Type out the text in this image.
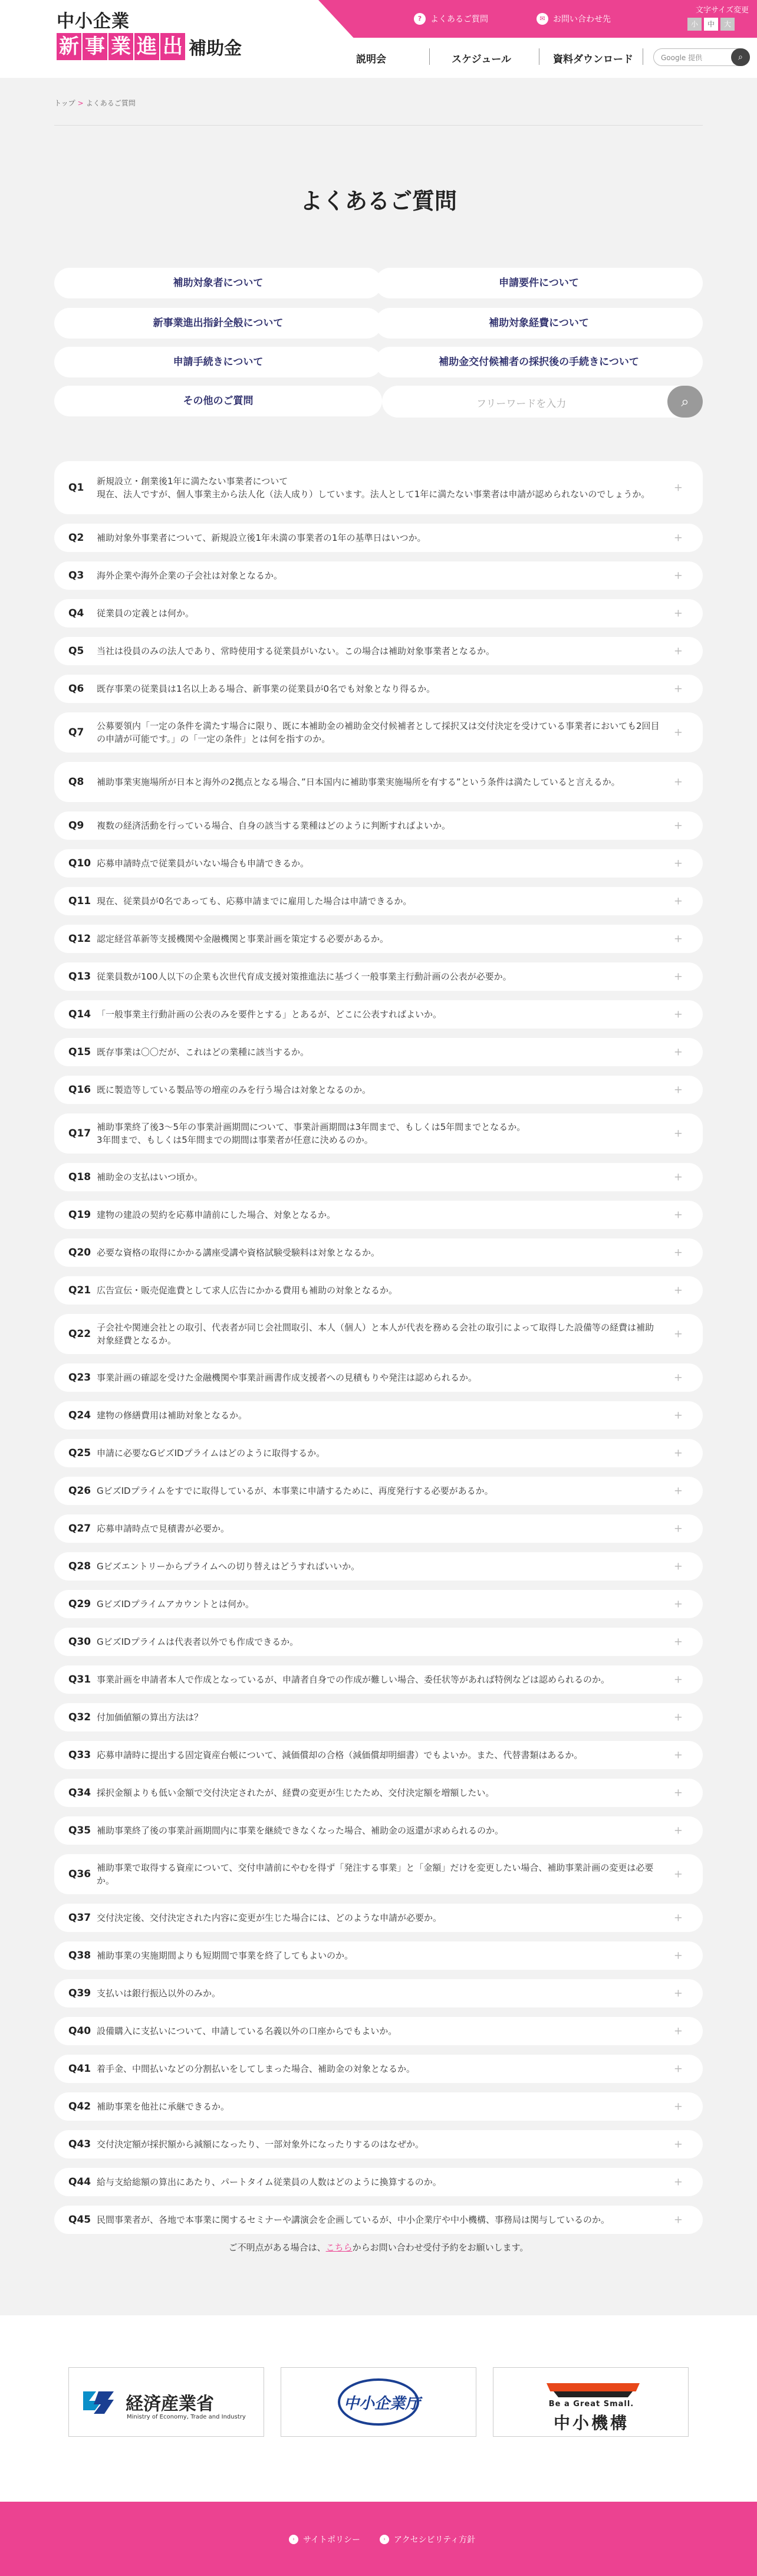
中小企業
新 事 業 進 出 補助金
?	よくあるご質問	✉ お問い合わせ先
文字サイズ変更
小	中	大
説明会	スケジュール	資料ダウンロード	Google 提供	⌕
トップ > よくあるご質問
よくあるご質問
補助対象者について	申請要件について
新事業進出指針全般について	補助対象経費について
申請手続きについて	補助金交付候補者の採択後の手続きについて
その他のご質問	フリーワードを入力	⌕
Q1
新規設立・創業後1年に満たない事業者について
現在、法人ですが、個人事業主から法人化（法人成り）しています。法人として1年に満たない事業者は申請が認められないのでしょうか。
+
Q2 補助対象外事業者について、新規設立後1年未満の事業者の1年の基準日はいつか。	+
Q3 海外企業や海外企業の子会社は対象となるか。	+
Q4 従業員の定義とは何か。	+
Q5 当社は役員のみの法人であり、常時使用する従業員がいない。この場合は補助対象事業者となるか。	+
Q6 既存事業の従業員は1名以上ある場合、新事業の従業員が0名でも対象となり得るか。	+
Q7
公募要領内「一定の条件を満たす場合に限り、既に本補助金の補助金交付候補者として採択又は交付決定を受けている事業者においても2回目の申請が可能です。」の「一定の条件」とは何を指すのか。
+
Q8 補助事業実施場所が日本と海外の2拠点となる場合、”日本国内に補助事業実施場所を有する”という条件は満たしていると言えるか。	+
Q9 複数の経済活動を行っている場合、自身の該当する業種はどのように判断すればよいか。	+
Q10 応募申請時点で従業員がいない場合も申請できるか。	+
Q11 現在、従業員が0名であっても、応募申請までに雇用した場合は申請できるか。	+
Q12 認定経営革新等支援機関や金融機関と事業計画を策定する必要があるか。	+
Q13 従業員数が100人以下の企業も次世代育成支援対策推進法に基づく一般事業主行動計画の公表が必要か。	+
Q14 「一般事業主行動計画の公表のみを要件とする」とあるが、どこに公表すればよいか。	+
Q15 既存事業は〇〇だが、これはどの業種に該当するか。	+
Q16 既に製造等している製品等の増産のみを行う場合は対象となるのか。	+
Q17
補助事業終了後3〜5年の事業計画期間について、事業計画期間は3年間まで、もしくは5年間までとなるか。
3年間まで、もしくは5年間までの期間は事業者が任意に決めるのか。
+
Q18 補助金の支払はいつ頃か。	+
Q19 建物の建設の契約を応募申請前にした場合、対象となるか。	+
Q20 必要な資格の取得にかかる講座受講や資格試験受験料は対象となるか。	+
Q21 広告宣伝・販売促進費として求人広告にかかる費用も補助の対象となるか。	+
Q22
子会社や関連会社との取引、代表者が同じ会社間取引、本人（個人）と本人が代表を務める会社の取引によって取得した設備等の経費は補助対象経費となるか。
+
Q23 事業計画の確認を受けた金融機関や事業計画書作成支援者への見積もりや発注は認められるか。	+
Q24 建物の修繕費用は補助対象となるか。	+
Q25 申請に必要なGビズIDプライムはどのように取得するか。	+
Q26 GビズIDプライムをすでに取得しているが、本事業に申請するために、再度発行する必要があるか。	+
Q27 応募申請時点で見積書が必要か。	+
Q28 Gビズエントリーからプライムへの切り替えはどうすればいいか。	+
Q29 GビズIDプライムアカウントとは何か。	+
Q30 GビズIDプライムは代表者以外でも作成できるか。	+
Q31 事業計画を申請者本人で作成となっているが、申請者自身での作成が難しい場合、委任状等があれば特例などは認められるのか。	+
Q32 付加価値額の算出方法は？	+
Q33 応募申請時に提出する固定資産台帳について、減価償却の合格（減価償却明細書）でもよいか。また、代替書類はあるか。	+
Q34 採択金額よりも低い金額で交付決定されたが、経費の変更が生じたため、交付決定額を増額したい。	+
Q35 補助事業終了後の事業計画期間内に事業を継続できなくなった場合、補助金の返還が求められるのか。	+
Q36
補助事業で取得する資産について、交付申請前にやむを得ず「発注する事業」と「金額」だけを変更したい場合、補助事業計画の変更は必要か。
+
Q37 交付決定後、交付決定された内容に変更が生じた場合には、どのような申請が必要か。	+
Q38 補助事業の実施期間よりも短期間で事業を終了してもよいのか。	+
Q39 支払いは銀行振込以外のみか。	+
Q40 設備購入に支払いについて、申請している名義以外の口座からでもよいか。	+
Q41 着手金、中間払いなどの分割払いをしてしまった場合、補助金の対象となるか。	+
Q42 補助事業を他社に承継できるか。	+
Q43 交付決定額が採択額から減額になったり、一部対象外になったりするのはなぜか。	+
Q44 給与支給総額の算出にあたり、パートタイム従業員の人数はどのように換算するのか。	+
Q45 民間事業者が、各地で本事業に関するセミナーや講演会を企画しているが、中小企業庁や中小機構、事務局は関与しているのか。	+
ご不明点がある場合は、こちらからお問い合わせ受付予約をお願いします。
経済産業省
Ministry of Economy, Trade and Industry
中小企業庁	Be a Great Small.
中小機構
›	サイトポリシー	›	アクセシビリティ方針
